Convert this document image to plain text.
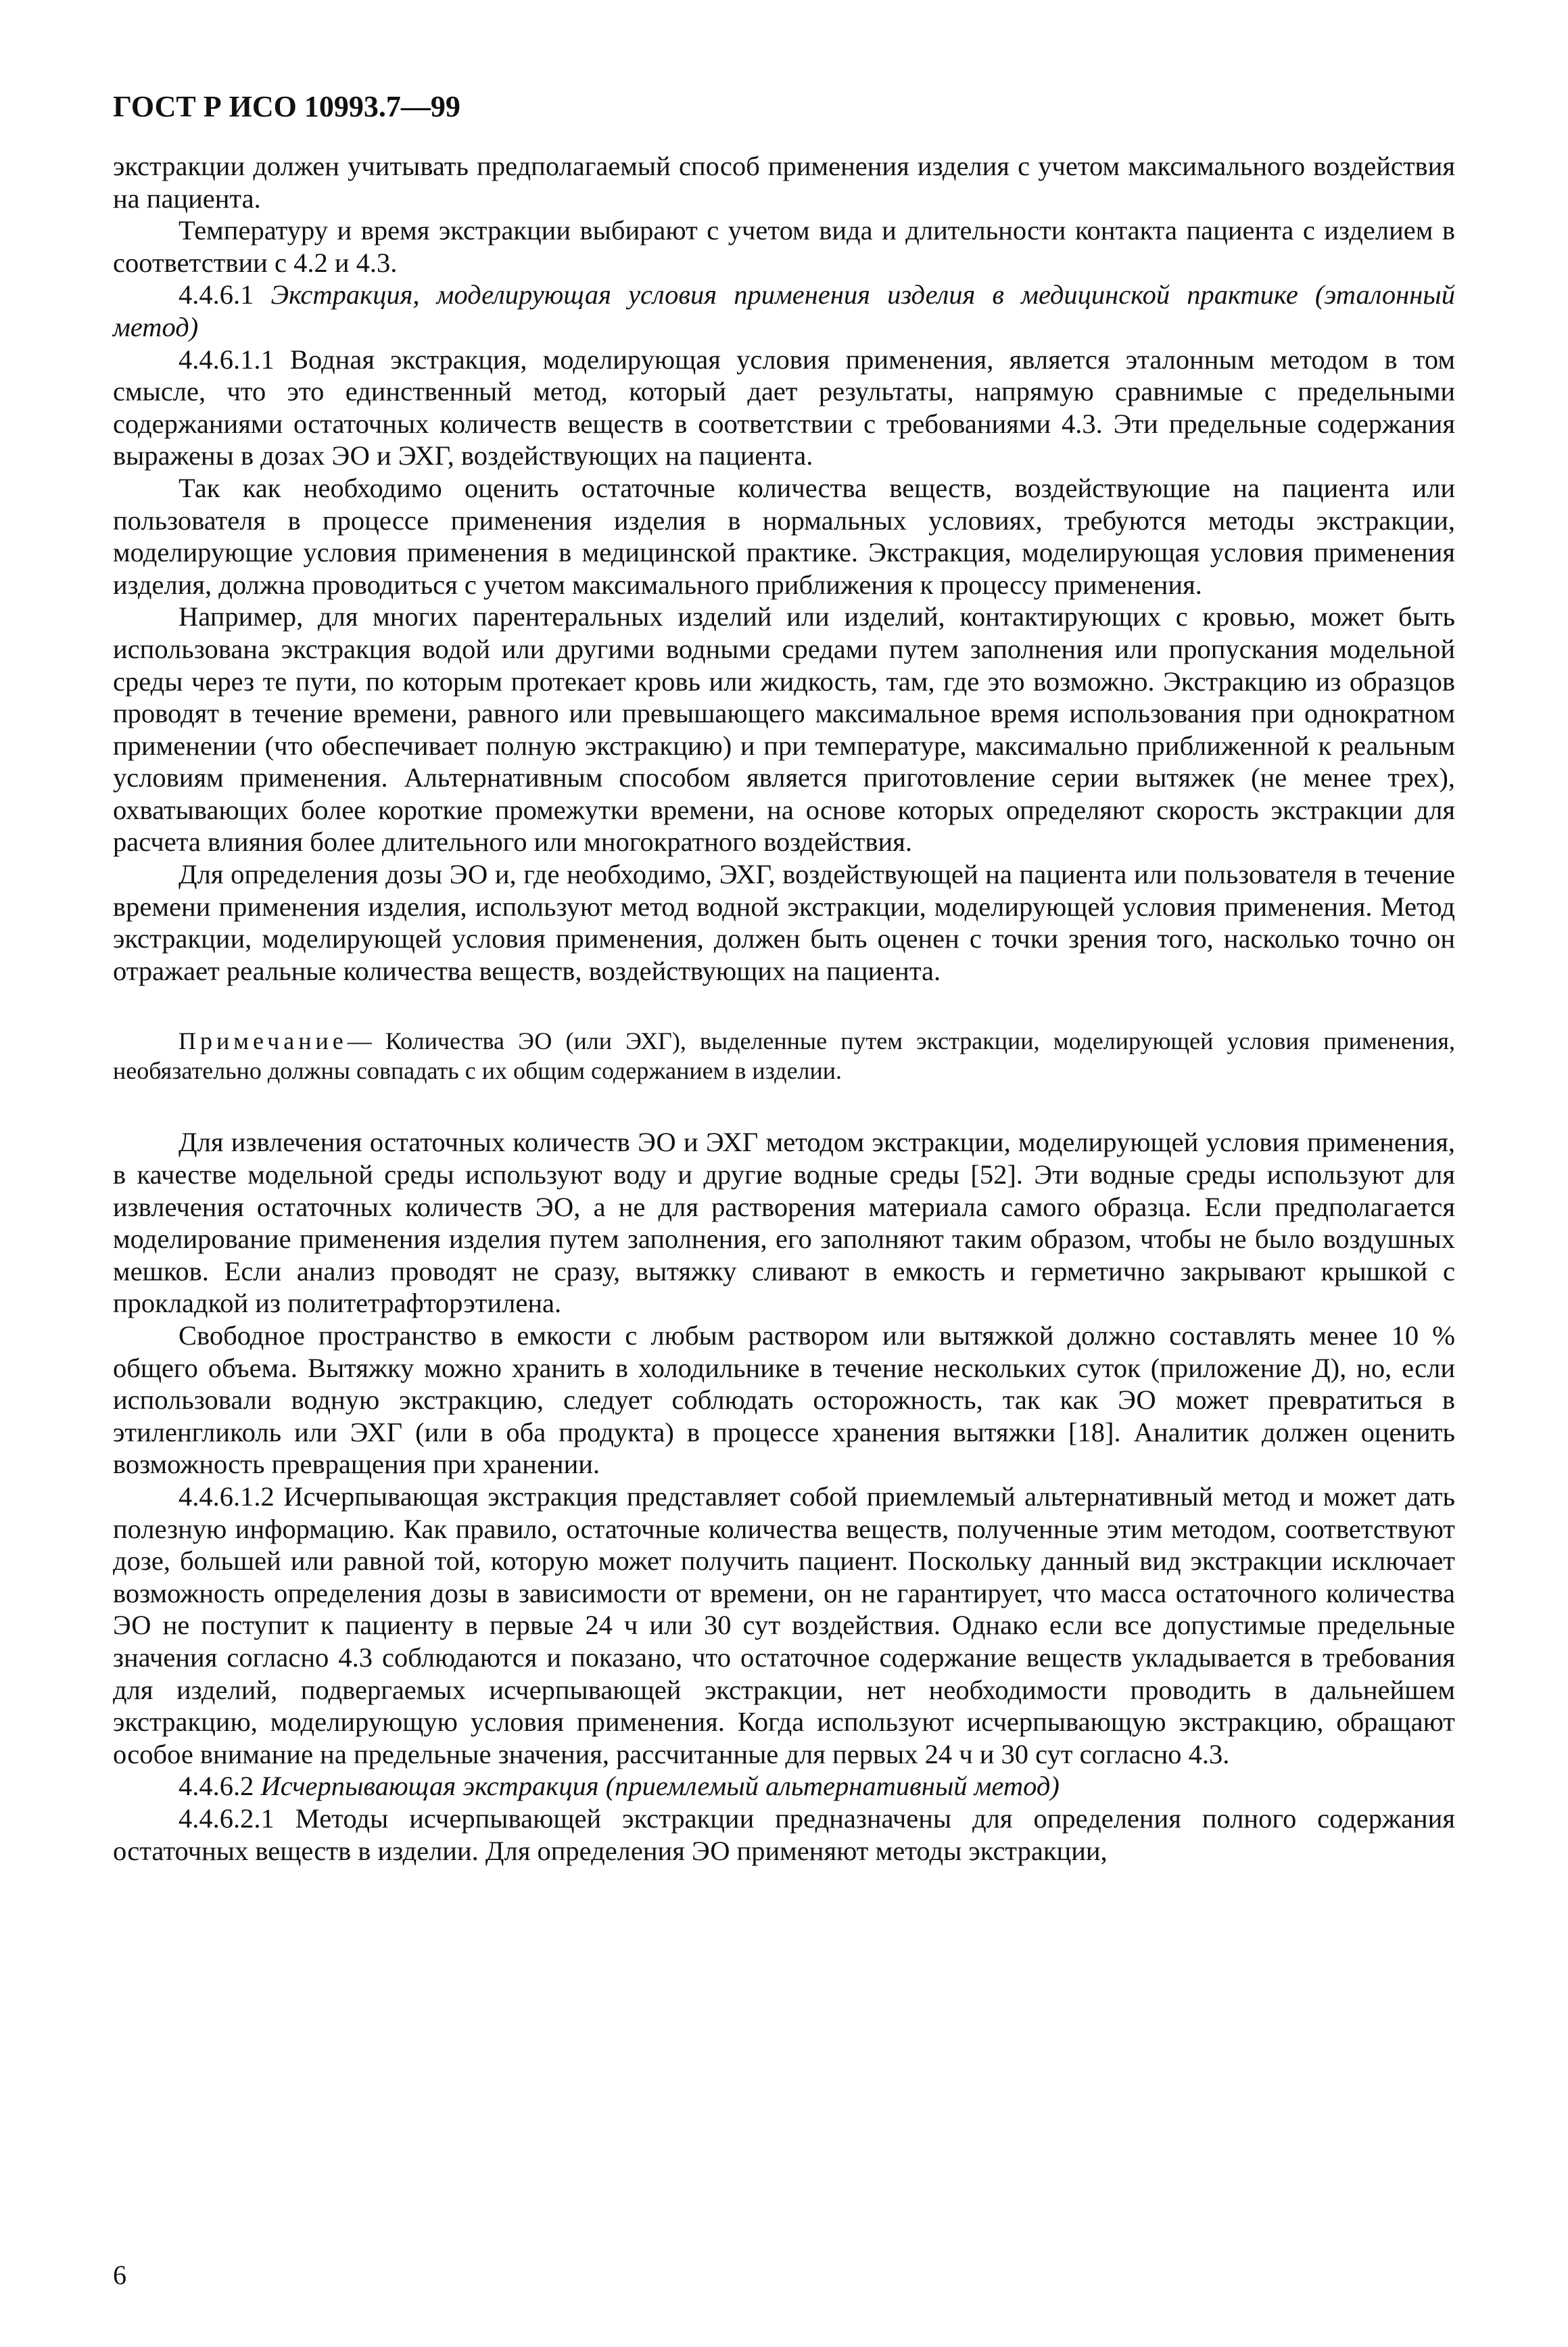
ГОСТ Р ИСО 10993.7—99

экстракции должен учитывать предполагаемый способ применения изделия с учетом максимального воздействия на пациента.

Температуру и время экстракции выбирают с учетом вида и длительности контакта пациента с изделием в соответствии с 4.2 и 4.3.

4.4.6.1 Экстракция, моделирующая условия применения изделия в медицинской практике (эталонный метод)

4.4.6.1.1 Водная экстракция, моделирующая условия применения, является эталонным методом в том смысле, что это единственный метод, который дает результаты, напрямую сравнимые с предельными содержаниями остаточных количеств веществ в соответствии с требованиями 4.3. Эти предельные содержания выражены в дозах ЭО и ЭХГ, воздействующих на пациента.

Так как необходимо оценить остаточные количества веществ, воздействующие на пациента или пользователя в процессе применения изделия в нормальных условиях, требуются методы экстракции, моделирующие условия применения в медицинской практике. Экстракция, моделирующая условия применения изделия, должна проводиться с учетом максимального приближения к процессу применения.

Например, для многих парентеральных изделий или изделий, контактирующих с кровью, может быть использована экстракция водой или другими водными средами путем заполнения или пропускания модельной среды через те пути, по которым протекает кровь или жидкость, там, где это возможно. Экстракцию из образцов проводят в течение времени, равного или превышающего максимальное время использования при однократном применении (что обеспечивает полную экстракцию) и при температуре, максимально приближенной к реальным условиям применения. Альтернативным способом является приготовление серии вытяжек (не менее трех), охватывающих более короткие промежутки времени, на основе которых определяют скорость экстракции для расчета влияния более длительного или многократного воздействия.

Для определения дозы ЭО и, где необходимо, ЭХГ, воздействующей на пациента или пользователя в течение времени применения изделия, используют метод водной экстракции, моделирующей условия применения. Метод экстракции, моделирующей условия применения, должен быть оценен с точки зрения того, насколько точно он отражает реальные количества веществ, воздействующих на пациента.

Примечание— Количества ЭО (или ЭХГ), выделенные путем экстракции, моделирующей условия применения, необязательно должны совпадать с их общим содержанием в изделии.

Для извлечения остаточных количеств ЭО и ЭХГ методом экстракции, моделирующей условия применения, в качестве модельной среды используют воду и другие водные среды [52]. Эти водные среды используют для извлечения остаточных количеств ЭО, а не для растворения материала самого образца. Если предполагается моделирование применения изделия путем заполнения, его заполняют таким образом, чтобы не было воздушных мешков. Если анализ проводят не сразу, вытяжку сливают в емкость и герметично закрывают крышкой с прокладкой из политетрафторэтилена.

Свободное пространство в емкости с любым раствором или вытяжкой должно составлять менее 10 % общего объема. Вытяжку можно хранить в холодильнике в течение нескольких суток (приложение Д), но, если использовали водную экстракцию, следует соблюдать осторожность, так как ЭО может превратиться в этиленгликоль или ЭХГ (или в оба продукта) в процессе хранения вытяжки [18]. Аналитик должен оценить возможность превращения при хранении.

4.4.6.1.2 Исчерпывающая экстракция представляет собой приемлемый альтернативный метод и может дать полезную информацию. Как правило, остаточные количества веществ, полученные этим методом, соответствуют дозе, большей или равной той, которую может получить пациент. Поскольку данный вид экстракции исключает возможность определения дозы в зависимости от времени, он не гарантирует, что масса остаточного количества ЭО не поступит к пациенту в первые 24 ч или 30 сут воздействия. Однако если все допустимые предельные значения согласно 4.3 соблюдаются и показано, что остаточное содержание веществ укладывается в требования для изделий, подвергаемых исчерпывающей экстракции, нет необходимости проводить в дальнейшем экстракцию, моделирующую условия применения. Когда используют исчерпывающую экстракцию, обращают особое внимание на предельные значения, рассчитанные для первых 24 ч и 30 сут согласно 4.3.

4.4.6.2 Исчерпывающая экстракция (приемлемый альтернативный метод)

4.4.6.2.1 Методы исчерпывающей экстракции предназначены для определения полного содержания остаточных веществ в изделии. Для определения ЭО применяют методы экстракции,

6
